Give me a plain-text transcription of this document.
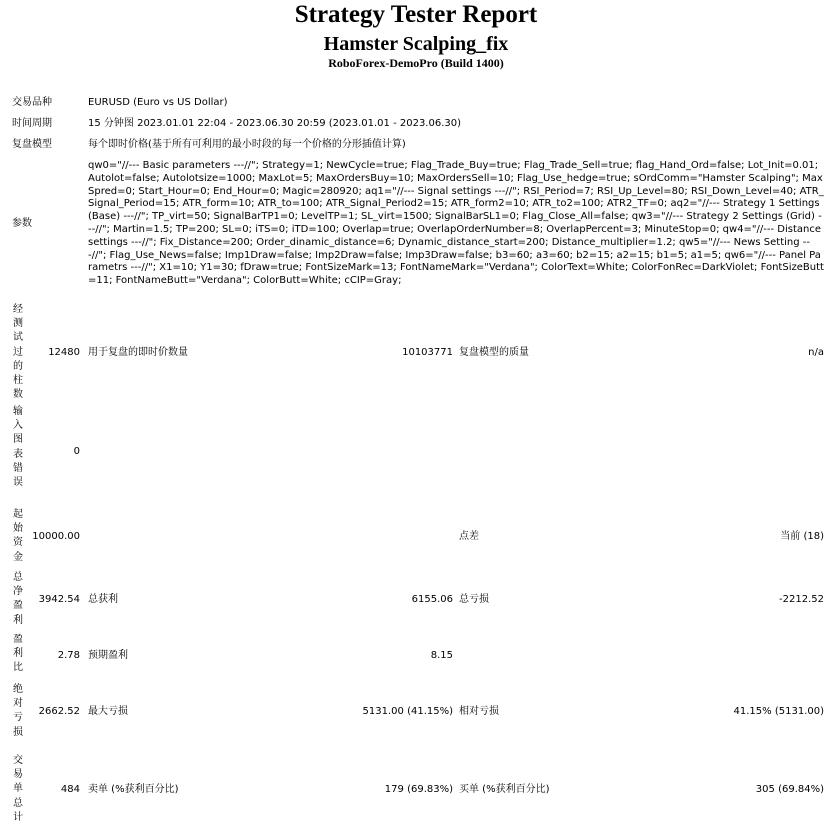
Strategy Tester Report
Hamster Scalping_fix
RoboForex-DemoPro (Build 1400)
交易品种	EURUSD (Euro vs US Dollar)
时间周期	15 分钟图 2023.01.01 22:04 - 2023.06.30 20:59 (2023.01.01 - 2023.06.30)
复盘模型	每个即时价格(基于所有可利用的最小时段的每一个价格的分形插值计算)
参数
qw0="//--- Basic parameters ---//"; Strategy=1; NewCycle=true; Flag_Trade_Buy=true; Flag_Trade_Sell=true; flag_Hand_Ord=false; Lot_Init=0.01; Autolot=false; Autolotsize=1000; MaxLot=5; MaxOrdersBuy=10; MaxOrdersSell=10; Flag_Use_hedge=true; sOrdComm="Hamster Scalping"; MaxSpred=0; Start_Hour=0; End_Hour=0; Magic=280920; aq1="//--- Signal settings ---//"; RSI_Period=7; RSI_Up_Level=80; RSI_Down_Level=40; ATR_Signal_Period=15; ATR_form=10; ATR_to=100; ATR_Signal_Period2=15; ATR_form2=10; ATR_to2=100; ATR2_TF=0; aq2="//--- Strategy 1 Settings (Base) ---//"; TP_virt=50; SignalBarTP1=0; LevelTP=1; SL_virt=1500; SignalBarSL1=0; Flag_Close_All=false; qw3="//--- Strategy 2 Settings (Grid) ---//"; Martin=1.5; TP=200; SL=0; iTS=0; iTD=100; Overlap=true; OverlapOrderNumber=8; OverlapPercent=3; MinuteStop=0; qw4="//--- Distance settings ---//"; Fix_Distance=200; Order_dinamic_distance=6; Dynamic_distance_start=200; Distance_multiplier=1.2; qw5="//--- News Setting ---//"; Flag_Use_News=false; Imp1Draw=false; Imp2Draw=false; Imp3Draw=false; b3=60; a3=60; b2=15; a2=15; b1=5; a1=5; qw6="//--- Panel Parametrs ---//"; X1=10; Y1=30; fDraw=true; FontSizeMark=13; FontNameMark="Verdana"; ColorText=White; ColorFonRec=DarkViolet; FontSizeButt=11; FontNameButt="Verdana"; ColorButt=White; cCIP=Gray;
经测试过的柱数
12480 用于复盘的即时价数量	10103771 复盘模型的质量	n/a
输入图表错误
0
起始资金
10000.00	点差	当前 (18)
总净盈利
3942.54 总获利	6155.06 总亏损	-2212.52
盈利比
2.78 预期盈利	8.15
绝对亏损
2662.52 最大亏损	5131.00 (41.15%) 相对亏损	41.15% (5131.00)
交易单总计
484 卖单 (%获利百分比)	179 (69.83%) 买单 (%获利百分比)	305 (69.84%)
